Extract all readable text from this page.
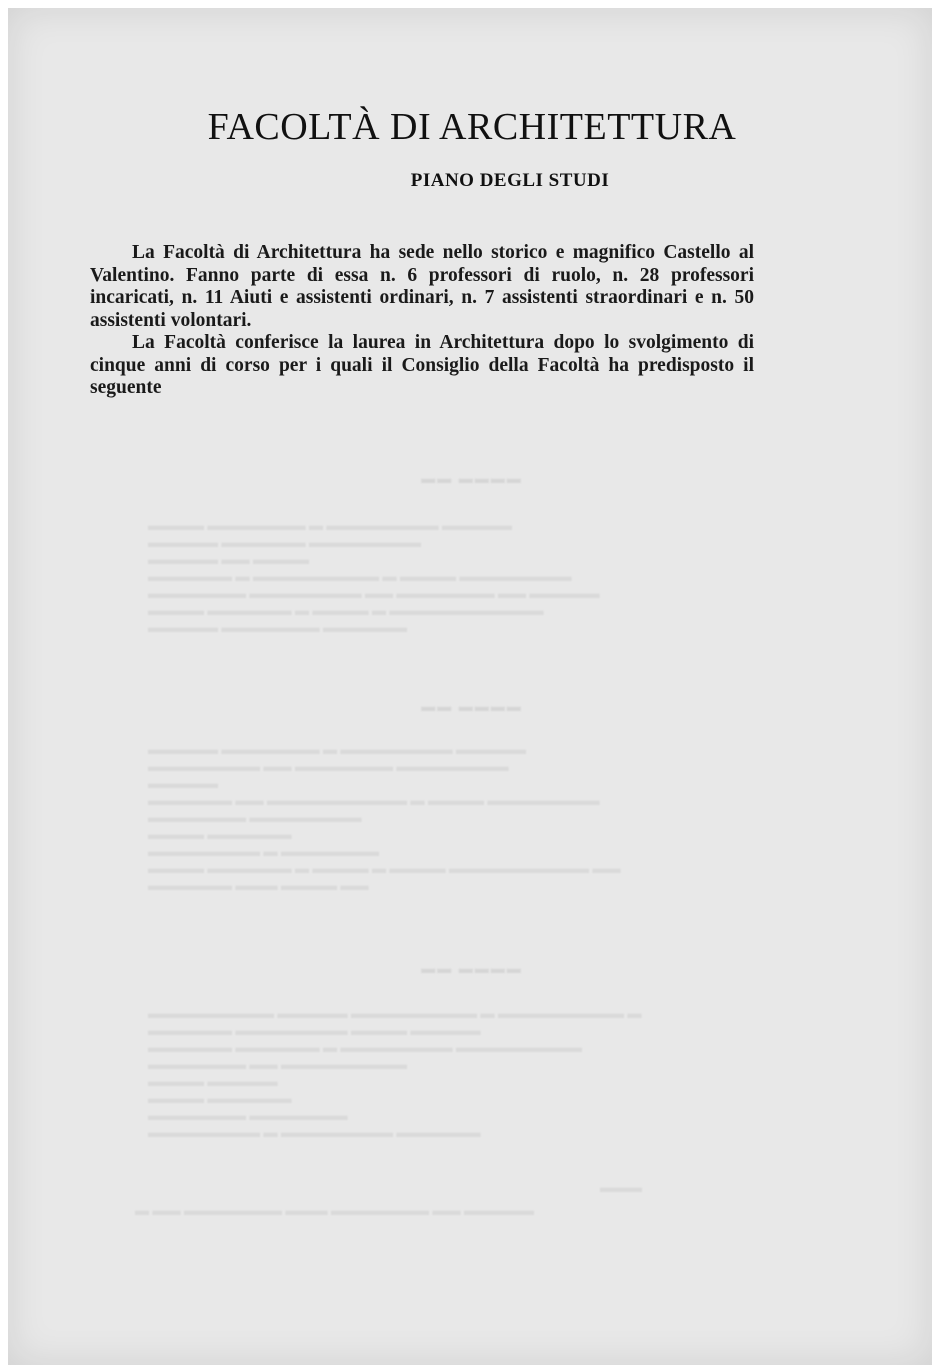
FACOLTÀ DI ARCHITETTURA
PIANO DEGLI STUDI

La Facoltà di Architettura ha sede nello storico e magnifico Castello al Valentino. Fanno parte di essa n. 6 professori di ruolo, n. 28 professori incaricati, n. 11 Aiuti e assistenti ordinari, n. 7 assistenti straordinari e n. 50 assistenti volontari.

La Facoltà conferisce la laurea in Architettura dopo lo svolgimento di cinque anni di corso per i quali il Consiglio della Facoltà ha predisposto il seguente

▬▬ ▬▬▬▬
▬▬▬▬ ▬▬▬▬▬▬▬ ▬ ▬▬▬▬▬▬▬▬ ▬▬▬▬▬
▬▬▬▬▬ ▬▬▬▬▬▬ ▬▬▬▬▬▬▬▬
▬▬▬▬▬ ▬▬ ▬▬▬▬
▬▬▬▬▬▬ ▬ ▬▬▬▬▬▬▬▬▬ ▬ ▬▬▬▬ ▬▬▬▬▬▬▬▬
▬▬▬▬▬▬▬ ▬▬▬▬▬▬▬▬ ▬▬ ▬▬▬▬▬▬▬ ▬▬ ▬▬▬▬▬
▬▬▬▬ ▬▬▬▬▬▬ ▬ ▬▬▬▬ ▬ ▬▬▬▬▬▬▬▬▬▬▬
▬▬▬▬▬ ▬▬▬▬▬▬▬ ▬▬▬▬▬▬
▬▬ ▬▬▬▬
▬▬▬▬▬ ▬▬▬▬▬▬▬ ▬ ▬▬▬▬▬▬▬▬ ▬▬▬▬▬
▬▬▬▬▬▬▬▬ ▬▬ ▬▬▬▬▬▬▬ ▬▬▬▬▬▬▬▬
▬▬▬▬▬
▬▬▬▬▬▬ ▬▬ ▬▬▬▬▬▬▬▬▬▬ ▬ ▬▬▬▬ ▬▬▬▬▬▬▬▬
▬▬▬▬▬▬▬ ▬▬▬▬▬▬▬▬
▬▬▬▬ ▬▬▬▬▬▬
▬▬▬▬▬▬▬▬ ▬ ▬▬▬▬▬▬▬
▬▬▬▬ ▬▬▬▬▬▬ ▬ ▬▬▬▬ ▬ ▬▬▬▬ ▬▬▬▬▬▬▬▬▬▬ ▬▬
▬▬▬▬▬▬ ▬▬▬ ▬▬▬▬ ▬▬
▬▬ ▬▬▬▬
▬▬▬▬▬▬▬▬▬ ▬▬▬▬▬ ▬▬▬▬▬▬▬▬▬ ▬ ▬▬▬▬▬▬▬▬▬ ▬
▬▬▬▬▬▬ ▬▬▬▬▬▬▬▬ ▬▬▬▬ ▬▬▬▬▬
▬▬▬▬▬▬ ▬▬▬▬▬▬ ▬ ▬▬▬▬▬▬▬▬ ▬▬▬▬▬▬▬▬▬
▬▬▬▬▬▬▬ ▬▬ ▬▬▬▬▬▬▬▬▬
▬▬▬▬ ▬▬▬▬▬
▬▬▬▬ ▬▬▬▬▬▬
▬▬▬▬▬▬▬ ▬▬▬▬▬▬▬
▬▬▬▬▬▬▬▬ ▬ ▬▬▬▬▬▬▬▬ ▬▬▬▬▬▬
▬▬▬
▬ ▬▬ ▬▬▬▬▬▬▬ ▬▬▬ ▬▬▬▬▬▬▬ ▬▬ ▬▬▬▬▬
